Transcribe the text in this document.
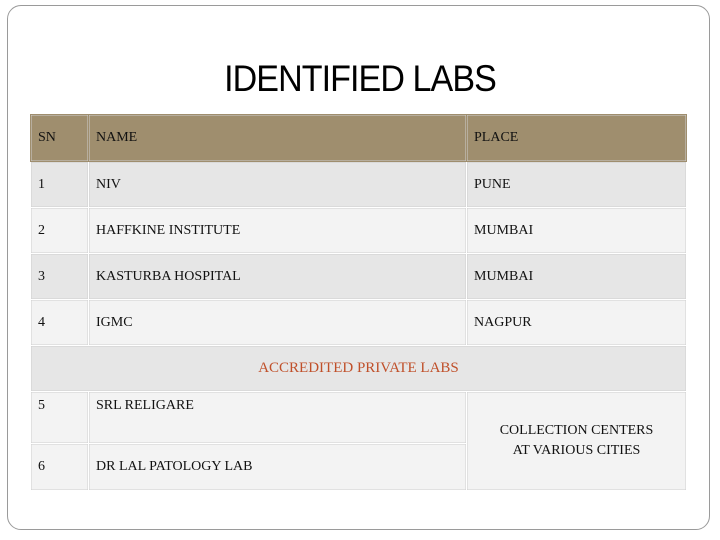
IDENTIFIED LABS
SN	NAME	PLACE
1	NIV	PUNE
2	HAFFKINE INSTITUTE	MUMBAI
3	KASTURBA HOSPITAL	MUMBAI
4	IGMC	NAGPUR
ACCREDITED PRIVATE LABS		
5	SRL RELIGARE	COLLECTION CENTERS
AT VARIOUS CITIES

6	DR LAL PATOLOGY LAB	
